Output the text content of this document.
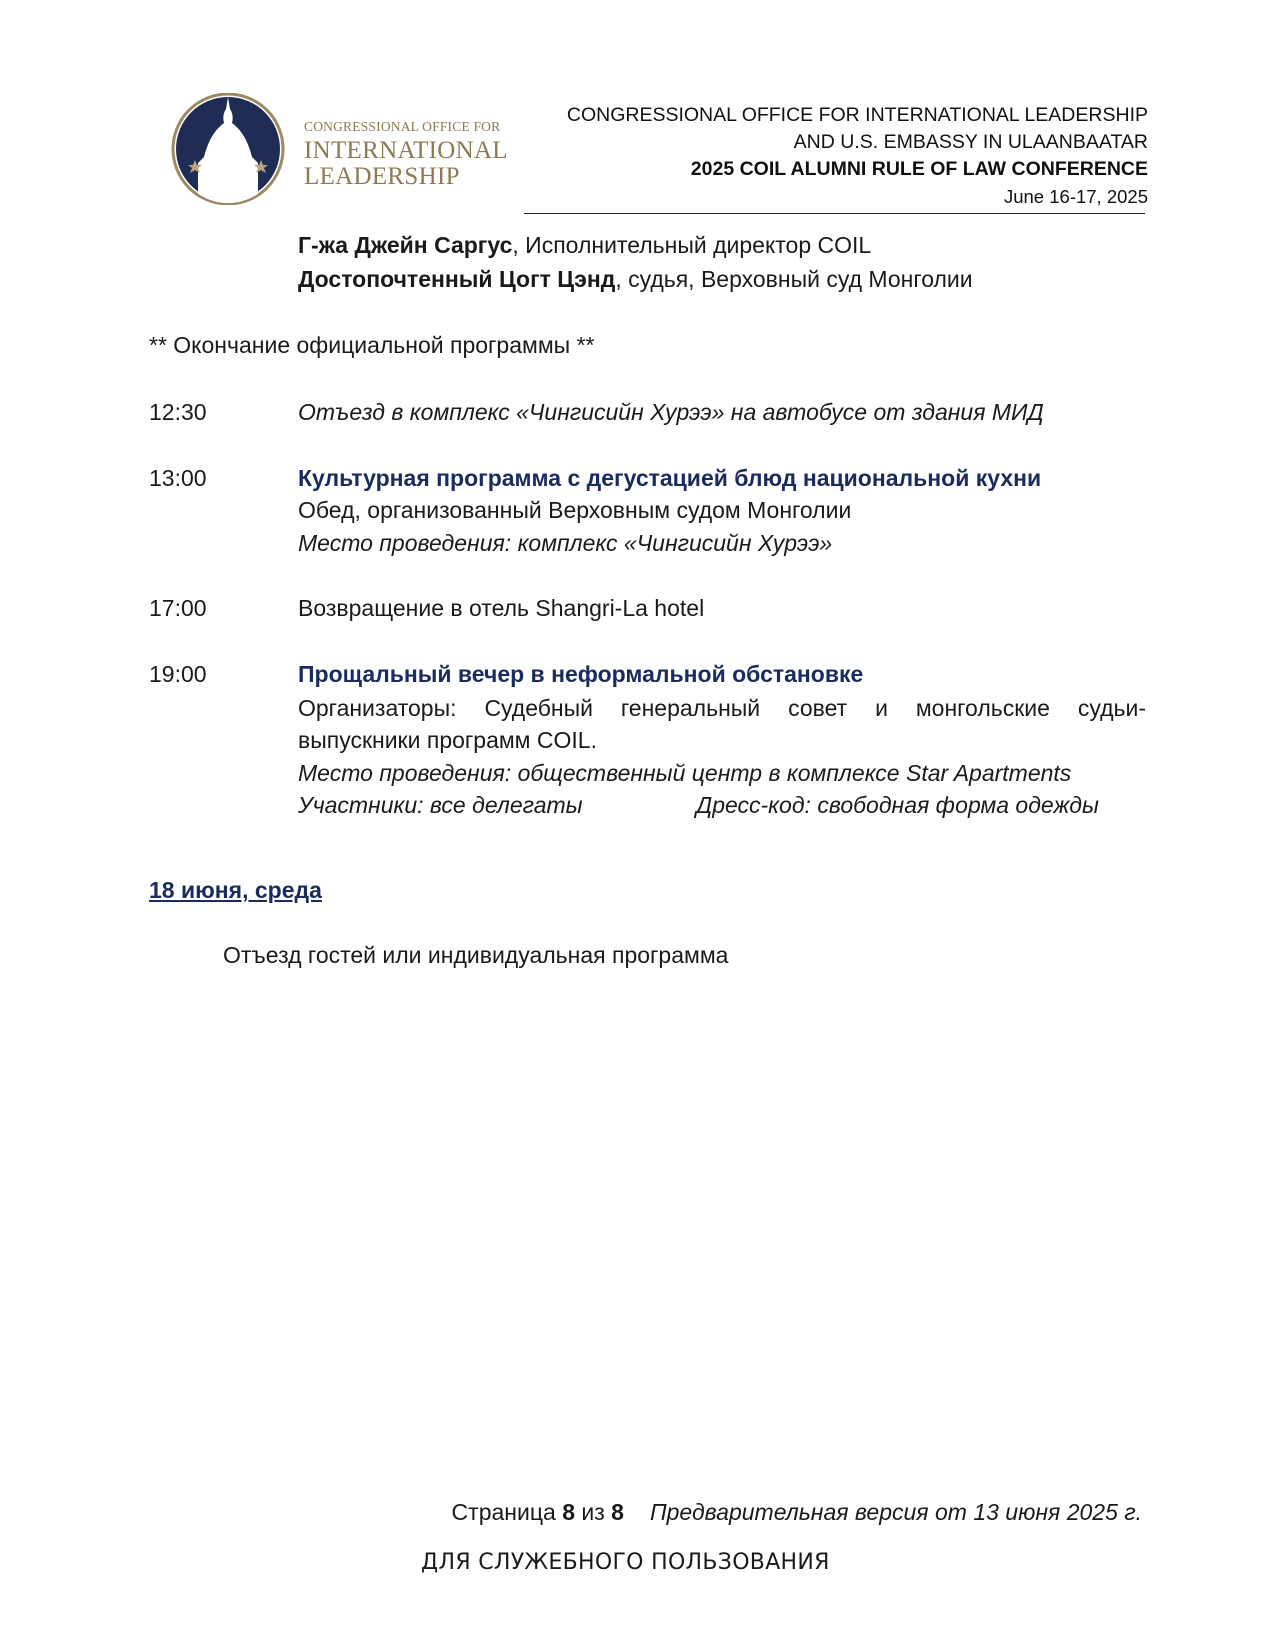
CONGRESSIONAL OFFICE FOR
INTERNATIONAL
LEADERSHIP
CONGRESSIONAL OFFICE FOR INTERNATIONAL LEADERSHIP
AND U.S. EMBASSY IN ULAANBAATAR
2025 COIL ALUMNI RULE OF LAW CONFERENCE
June 16-17, 2025
Г-жа Джейн Саргус, Исполнительный директор COIL
Достопочтенный Цогт Цэнд, судья, Верховный суд Монголии
** Окончание официальной программы **
12:30	Отъезд в комплекс «Чингисийн Хурээ» на автобусе от здания МИД
13:00	Культурная программа с дегустацией блюд национальной кухни
Обед, организованный Верховным судом Монголии
Место проведения: комплекс «Чингисийн Хурээ»
17:00	Возвращение в отель Shangri-La hotel
19:00	Прощальный вечер в неформальной обстановке
Организаторы: Судебный генеральный совет и монгольские судьи-
выпускники программ COIL.
Место проведения: общественный центр в комплексе Star Apartments
Участники: все делегаты	Дресс-код: свободная форма одежды
18 июня, среда
Отъезд гостей или индивидуальная программа
Страница 8 из 8 Предварительная версия от 13 июня 2025 г.
ДЛЯ СЛУЖЕБНОГО ПОЛЬЗОВАНИЯ
